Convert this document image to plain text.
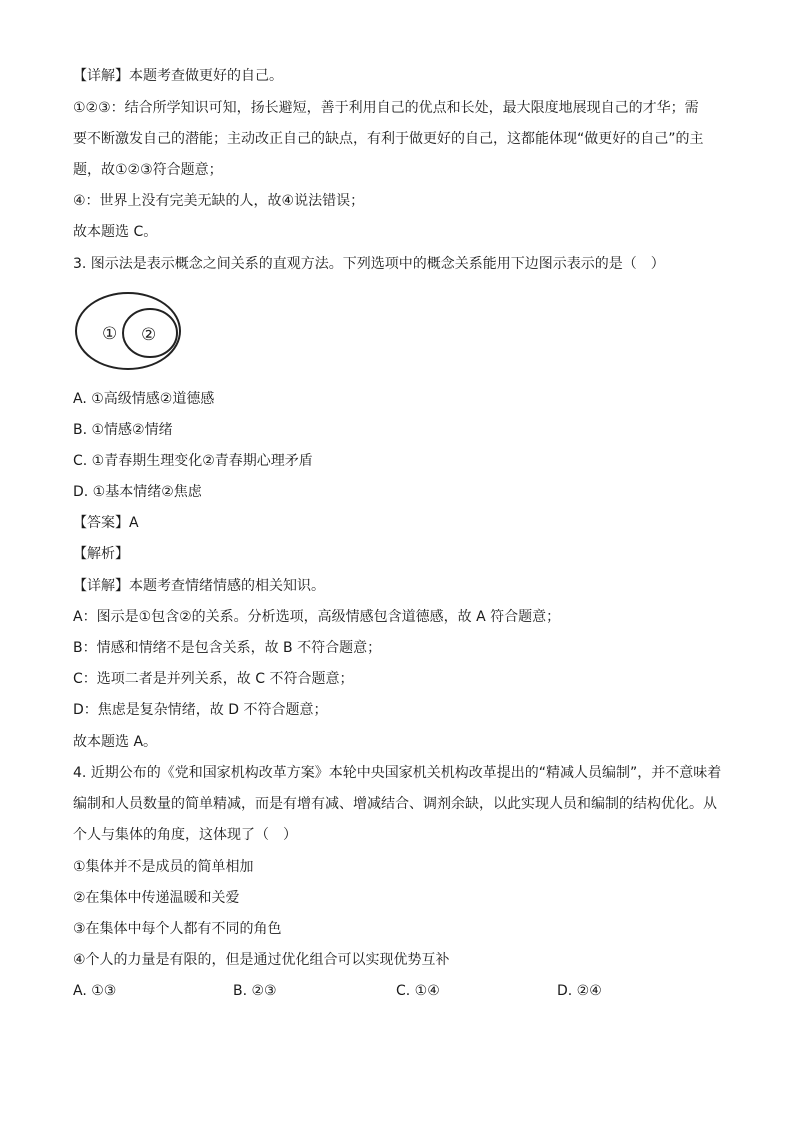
【详解】本题考查做更好的自己。
①②③：结合所学知识可知，扬长避短，善于利用自己的优点和长处，最大限度地展现自己的才华；需
要不断激发自己的潜能；主动改正自己的缺点，有利于做更好的自己，这都能体现“做更好的自己”的主
题，故①②③符合题意；
④：世界上没有完美无缺的人，故④说法错误；
故本题选 C。
3. 图示法是表示概念之间关系的直观方法。下列选项中的概念关系能用下边图示表示的是（　）
① ②
A. ①高级情感②道德感
B. ①情感②情绪
C. ①青春期生理变化②青春期心理矛盾
D. ①基本情绪②焦虑
【答案】A
【解析】
【详解】本题考查情绪情感的相关知识。
A：图示是①包含②的关系。分析选项，高级情感包含道德感，故 A 符合题意；
B：情感和情绪不是包含关系，故 B 不符合题意；
C：选项二者是并列关系，故 C 不符合题意；
D：焦虑是复杂情绪，故 D 不符合题意；
故本题选 A。
4. 近期公布的《党和国家机构改革方案》本轮中央国家机关机构改革提出的“精减人员编制”，并不意味着
编制和人员数量的简单精减，而是有增有减、增减结合、调剂余缺，以此实现人员和编制的结构优化。从
个人与集体的角度，这体现了（　）
①集体并不是成员的简单相加
②在集体中传递温暖和关爱
③在集体中每个人都有不同的角色
④个人的力量是有限的，但是通过优化组合可以实现优势互补
A. ①③	B. ②③	C. ①④	D. ②④
